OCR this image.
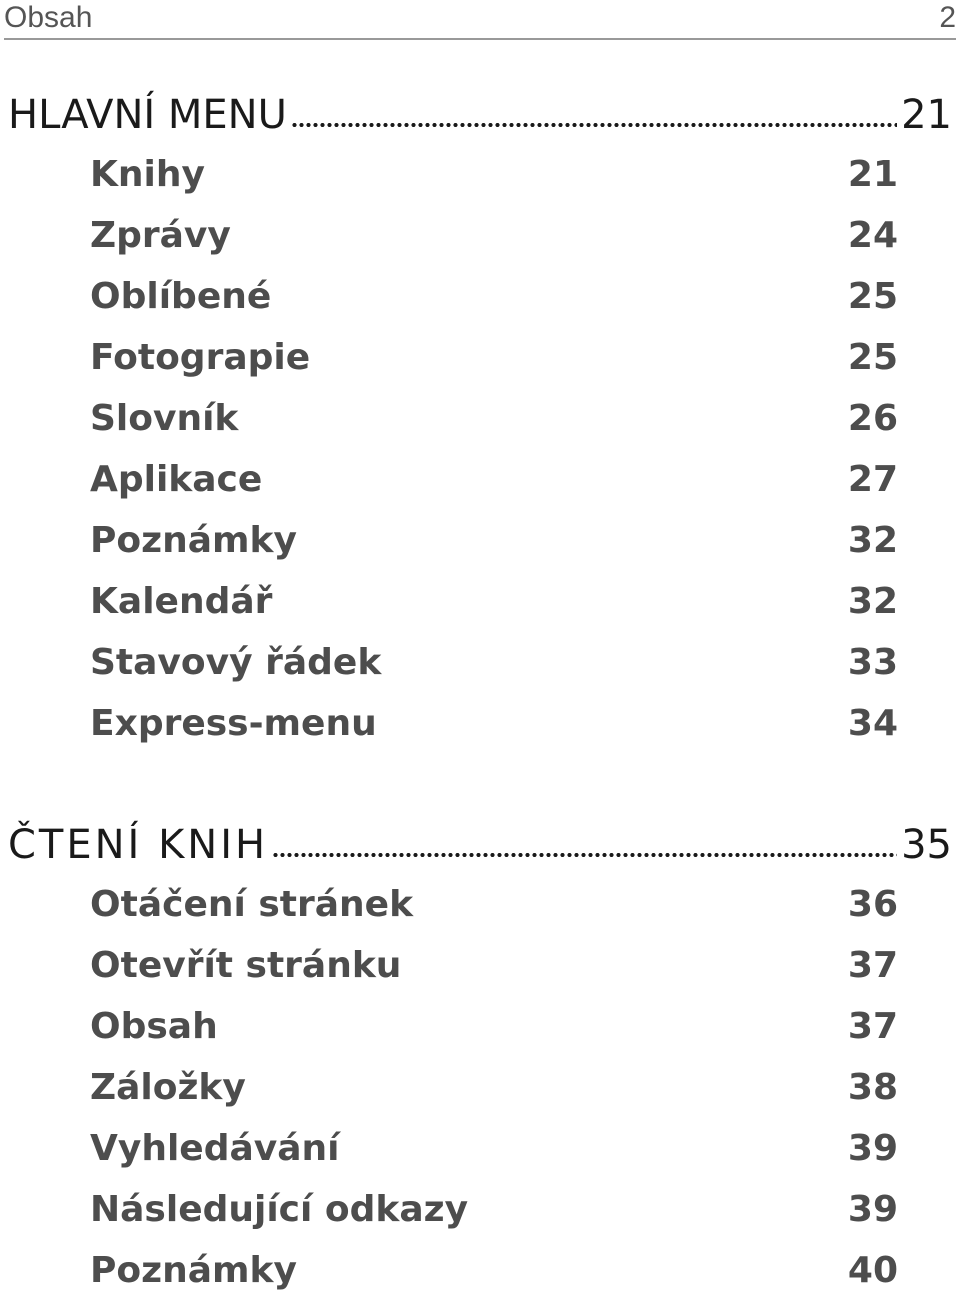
Obsah	2
HLAVNÍ MENU	21
Knihy	21
Zprávy	24
Oblíbené	25
Fotograpie	25
Slovník	26
Aplikace	27
Poznámky	32
Kalendář	32
Stavový řádek	33
Express-menu	34
ČTENÍ KNIH	35
Otáčení stránek	36
Otevřít stránku	37
Obsah	37
Záložky	38
Vyhledávání	39
Následující odkazy	39
Poznámky	40
